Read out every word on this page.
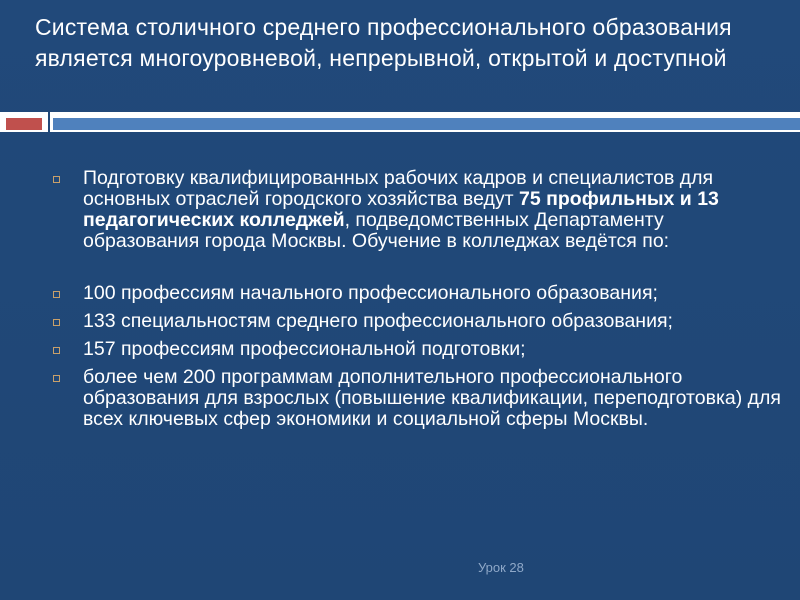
Система столичного среднего профессионального образования является многоуровневой, непрерывной, открытой и доступной
Подготовку квалифицированных рабочих кадров и специалистов для основных отраслей городского хозяйства ведут 75 профильных и 13 педагогических колледжей, подведомственных Департаменту образования города Москвы. Обучение в колледжах ведётся по:
100 профессиям начального профессионального образования;
133 специальностям среднего профессионального образования;
157 профессиям профессиональной подготовки;
более чем 200 программам дополнительного профессионального образования для взрослых (повышение квалификации, переподготовка) для всех ключевых сфер экономики и социальной сферы Москвы.
Урок 28
